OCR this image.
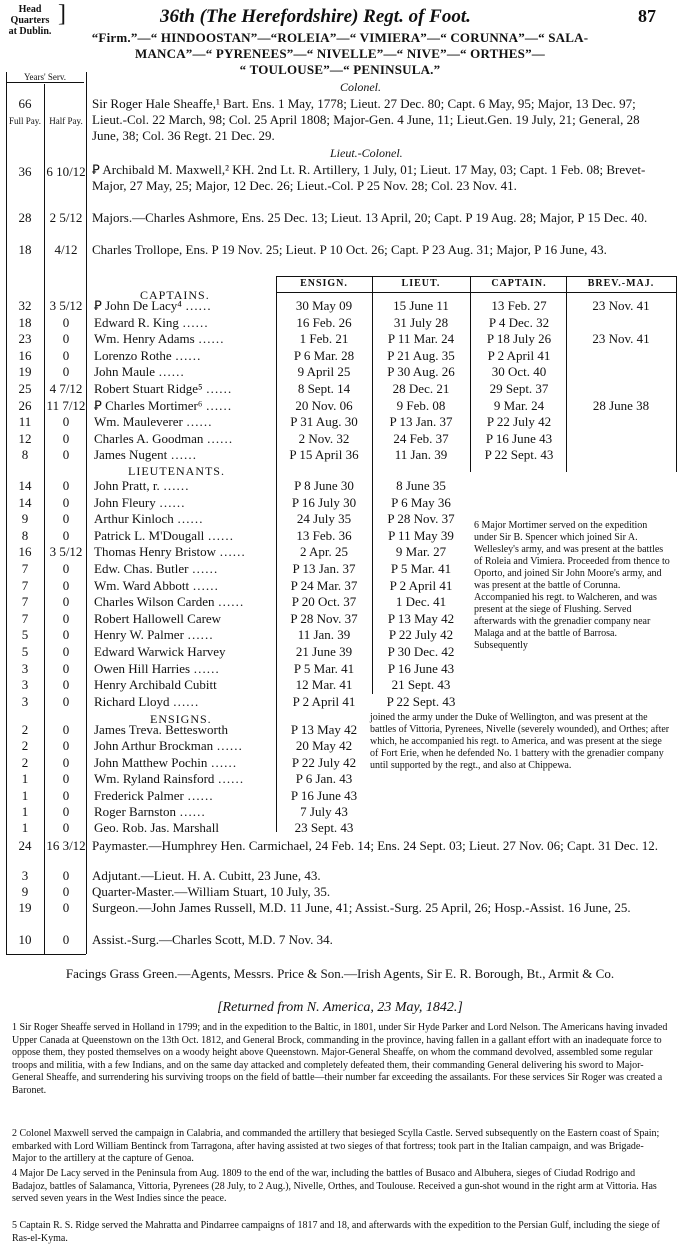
Head Quarters
at Dublin.
]	36th (The Herefordshire) Regt. of Foot.	87
“Firm.”—“ HINDOOSTAN”—“ROLEIA”—“ VIMIERA”—“ CORUNNA”—“ SALA-
MANCA”—“ PYRENEES”—“ NIVELLE”—“ NIVE”—“ ORTHES”—
“ TOULOUSE”—“ PENINSULA.”
Years' Serv.
Colonel.
66	Sir Roger Hale Sheaffe,¹ Bart. Ens. 1 May, 1778; Lieut. 27 Dec. 80; Capt. 6 May, 95; Major, 13 Dec. 97; Lieut.-Col. 22 March, 98; Col. 25 April 1808; Major-Gen. 4 June, 11; Lieut.Gen. 19 July, 21; General, 28 June, 38; Col. 36 Regt. 21 Dec. 29.
Full Pay. Half Pay.
Lieut.-Colonel.
36	6 10/12 Ꝑ Archibald M. Maxwell,² KH. 2nd Lt. R. Artillery, 1 July, 01; Lieut. 17 May, 03; Capt. 1 Feb. 08; Brevet-Major, 27 May, 25; Major, 12 Dec. 26; Lieut.-Col. P 25 Nov. 28; Col. 23 Nov. 41.
28	2 5/12 Majors.—Charles Ashmore, Ens. 25 Dec. 13; Lieut. 13 April, 20; Capt. P 19 Aug. 28; Major, P 15 Dec. 40.
18	4/12	Charles Trollope, Ens. P 19 Nov. 25; Lieut. P 10 Oct. 26; Capt. P 23 Aug. 31; Major, P 16 June, 43.
ENSIGN.	LIEUT.	CAPTAIN.	BREV.-MAJ.
CAPTAINS.
32	3 5/12 Ꝑ John De Lacy⁴ ……	30 May 09	15 June 11	13 Feb. 27	23 Nov. 41
18	0	Edward R. King ……	16 Feb. 26	31 July 28	P 4 Dec. 32
23	0	Wm. Henry Adams ……	1 Feb. 21	P 11 Mar. 24	P 18 July 26	23 Nov. 41
16	0	Lorenzo Rothe ……	P 6 Mar. 28	P 21 Aug. 35	P 2 April 41
19	0	John Maule ……	9 April 25	P 30 Aug. 26	30 Oct. 40
25	4 7/12 Robert Stuart Ridge⁵ ……	8 Sept. 14	28 Dec. 21	29 Sept. 37
26	11 7/12 Ꝑ Charles Mortimer⁶ ……	20 Nov. 06	9 Feb. 08	9 Mar. 24	28 June 38
11	0	Wm. Mauleverer ……	P 31 Aug. 30	P 13 Jan. 37	P 22 July 42
12	0	Charles A. Goodman ……	2 Nov. 32	24 Feb. 37	P 16 June 43
8	0	James Nugent ……	P 15 April 36	11 Jan. 39	P 22 Sept. 43
LIEUTENANTS.
14	0	John Pratt, r. ……	P 8 June 30	8 June 35
14	0	John Fleury ……	P 16 July 30	P 6 May 36
9	0	Arthur Kinloch ……	24 July 35	P 28 Nov. 37
8	0	Patrick L. M'Dougall ……	13 Feb. 36	P 11 May 39
16	3 5/12 Thomas Henry Bristow ……	2 Apr. 25	9 Mar. 27
7	0	Edw. Chas. Butler ……	P 13 Jan. 37	P 5 Mar. 41
7	0	Wm. Ward Abbott ……	P 24 Mar. 37	P 2 April 41
7	0	Charles Wilson Carden ……	P 20 Oct. 37	1 Dec. 41
7	0	Robert Hallowell Carew	P 28 Nov. 37	P 13 May 42
5	0	Henry W. Palmer ……	11 Jan. 39	P 22 July 42
5	0	Edward Warwick Harvey	21 June 39	P 30 Dec. 42
3	0	Owen Hill Harries ……	P 5 Mar. 41	P 16 June 43
3	0	Henry Archibald Cubitt	12 Mar. 41	21 Sept. 43
3	0	Richard Lloyd ……	P 2 April 41	P 22 Sept. 43
ENSIGNS.
2	0	James Treva. Bettesworth	P 13 May 42
2	0	John Arthur Brockman ……	20 May 42
2	0	John Matthew Pochin ……	P 22 July 42
1	0	Wm. Ryland Rainsford ……	P 6 Jan. 43
1	0	Frederick Palmer ……	P 16 June 43
1	0	Roger Barnston ……	7 July 43
1	0	Geo. Rob. Jas. Marshall	23 Sept. 43
6 Major Mortimer served on the expedition under Sir B. Spencer which joined Sir A. Wellesley's army, and was present at the battles of Roleia and Vimiera. Proceeded from thence to Oporto, and joined Sir John Moore's army, and was present at the battle of Corunna. Accompanied his regt. to Walcheren, and was present at the siege of Flushing. Served afterwards with the grenadier company near Malaga and at the battle of Barrosa. Subsequently
joined the army under the Duke of Wellington, and was present at the battles of Vittoria, Pyrenees, Nivelle (severely wounded), and Orthes; after which, he accompanied his regt. to America, and was present at the siege of Fort Erie, when he defended No. 1 battery with the grenadier company until supported by the regt., and also at Chippewa.
24	16 3/12 Paymaster.—Humphrey Hen. Carmichael, 24 Feb. 14; Ens. 24 Sept. 03; Lieut. 27 Nov. 06; Capt. 31 Dec. 12.
3	0	Adjutant.—Lieut. H. A. Cubitt, 23 June, 43.
9	0	Quarter-Master.—William Stuart, 10 July, 35.
19	0	Surgeon.—John James Russell, M.D. 11 June, 41; Assist.-Surg. 25 April, 26; Hosp.-Assist. 16 June, 25.
10	0	Assist.-Surg.—Charles Scott, M.D. 7 Nov. 34.
Facings Grass Green.—Agents, Messrs. Price & Son.—Irish Agents, Sir E. R. Borough, Bt., Armit & Co.
[Returned from N. America, 23 May, 1842.]
1 Sir Roger Sheaffe served in Holland in 1799; and in the expedition to the Baltic, in 1801, under Sir Hyde Parker and Lord Nelson. The Americans having invaded Upper Canada at Queenstown on the 13th Oct. 1812, and General Brock, commanding in the province, having fallen in a gallant effort with an inadequate force to oppose them, they posted themselves on a woody height above Queenstown. Major-General Sheaffe, on whom the command devolved, assembled some regular troops and militia, with a few Indians, and on the same day attacked and completely defeated them, their commanding General delivering his sword to Major-General Sheaffe, and surrendering his surviving troops on the field of battle—their number far exceeding the assailants. For these services Sir Roger was created a Baronet.
2 Colonel Maxwell served the campaign in Calabria, and commanded the artillery that besieged Scylla Castle. Served subsequently on the Eastern coast of Spain; embarked with Lord William Bentinck from Tarragona, after having assisted at two sieges of that fortress; took part in the Italian campaign, and was Brigade-Major to the artillery at the capture of Genoa.
4 Major De Lacy served in the Peninsula from Aug. 1809 to the end of the war, including the battles of Busaco and Albuhera, sieges of Ciudad Rodrigo and Badajoz, battles of Salamanca, Vittoria, Pyrenees (28 July, to 2 Aug.), Nivelle, Orthes, and Toulouse. Received a gun-shot wound in the right arm at Vittoria. Has served seven years in the West Indies since the peace.
5 Captain R. S. Ridge served the Mahratta and Pindarree campaigns of 1817 and 18, and afterwards with the expedition to the Persian Gulf, including the siege of Ras-el-Kyma.
